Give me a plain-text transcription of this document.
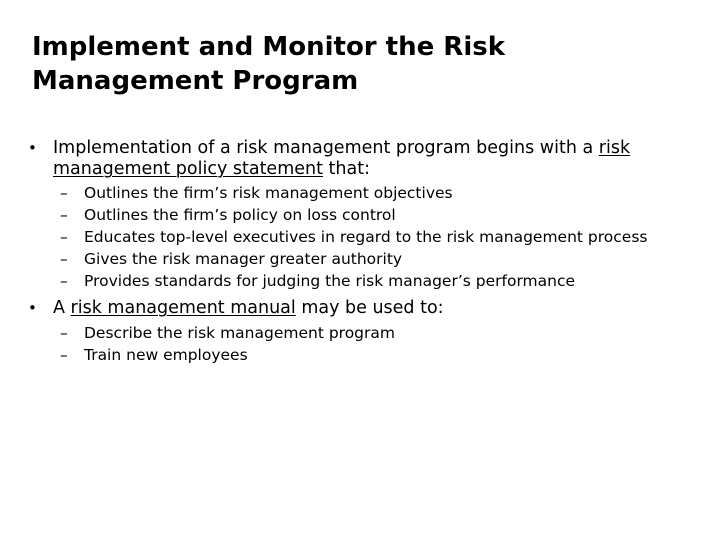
Implement and Monitor the Risk
Management Program
• Implementation of a risk management program begins with a risk management policy statement that:
– Outlines the firm’s risk management objectives
– Outlines the firm’s policy on loss control
– Educates top-level executives in regard to the risk management process
– Gives the risk manager greater authority
– Provides standards for judging the risk manager’s performance
• A risk management manual may be used to:
– Describe the risk management program
– Train new employees
